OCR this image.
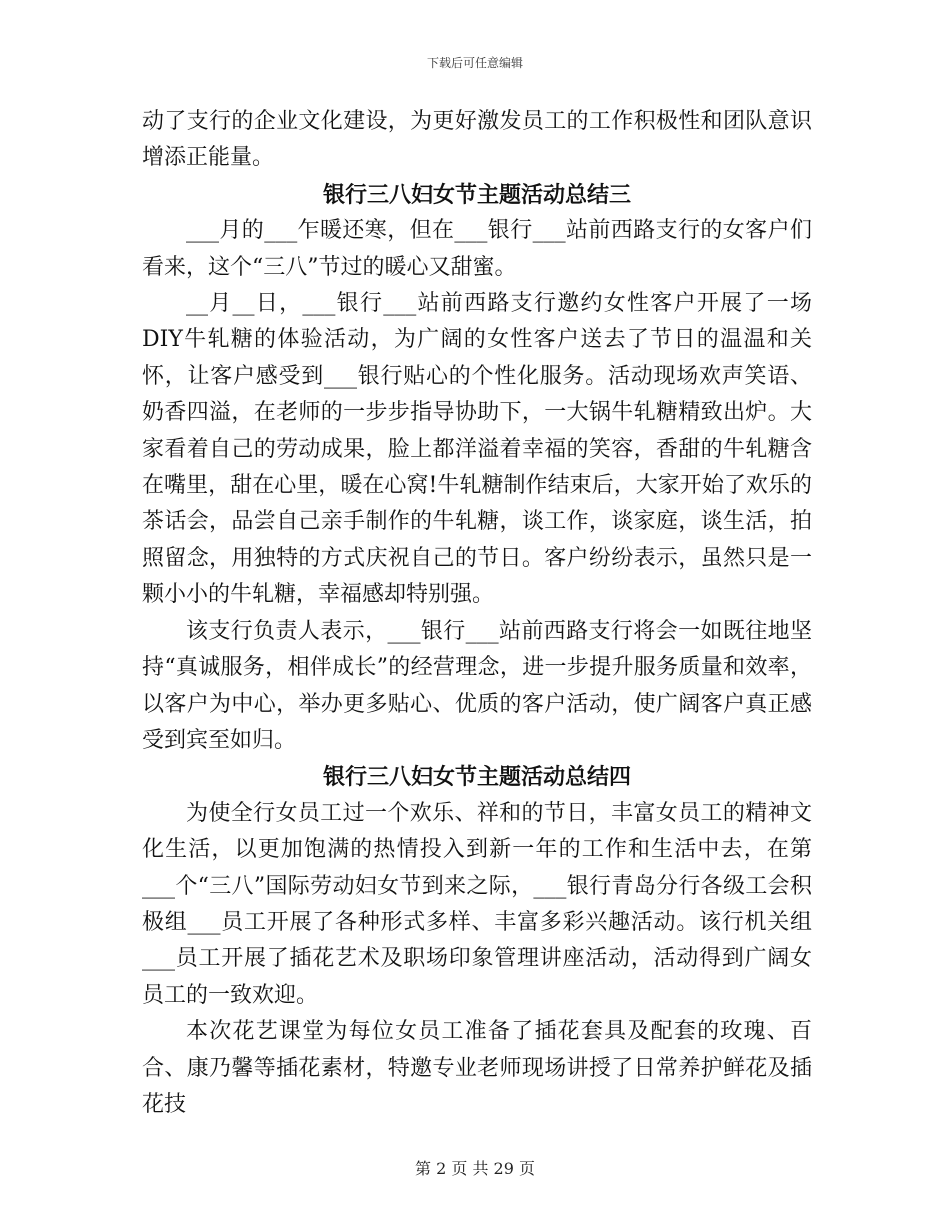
下载后可任意编辑

动了支行的企业文化建设，为更好激发员工的工作积极性和团队意识增添正能量。

银行三八妇女节主题活动总结三

___月的___乍暖还寒，但在___银行___站前西路支行的女客户们看来，这个“三八”节过的暖心又甜蜜。

__月__日，___银行___站前西路支行邀约女性客户开展了一场DIY牛轧糖的体验活动，为广阔的女性客户送去了节日的温温和关怀，让客户感受到___银行贴心的个性化服务。活动现场欢声笑语、奶香四溢，在老师的一步步指导协助下，一大锅牛轧糖精致出炉。大家看着自己的劳动成果，脸上都洋溢着幸福的笑容，香甜的牛轧糖含在嘴里，甜在心里，暖在心窝!牛轧糖制作结束后，大家开始了欢乐的茶话会，品尝自己亲手制作的牛轧糖，谈工作，谈家庭，谈生活，拍照留念，用独特的方式庆祝自己的节日。客户纷纷表示，虽然只是一颗小小的牛轧糖，幸福感却特别强。

该支行负责人表示，___银行___站前西路支行将会一如既往地坚持“真诚服务，相伴成长”的经营理念，进一步提升服务质量和效率，以客户为中心，举办更多贴心、优质的客户活动，使广阔客户真正感受到宾至如归。

银行三八妇女节主题活动总结四

为使全行女员工过一个欢乐、祥和的节日，丰富女员工的精神文化生活，以更加饱满的热情投入到新一年的工作和生活中去，在第___个“三八”国际劳动妇女节到来之际，___银行青岛分行各级工会积极组___员工开展了各种形式多样、丰富多彩兴趣活动。该行机关组___员工开展了插花艺术及职场印象管理讲座活动，活动得到广阔女员工的一致欢迎。

本次花艺课堂为每位女员工准备了插花套具及配套的玫瑰、百合、康乃馨等插花素材，特邀专业老师现场讲授了日常养护鲜花及插花技

第 2 页 共 29 页
